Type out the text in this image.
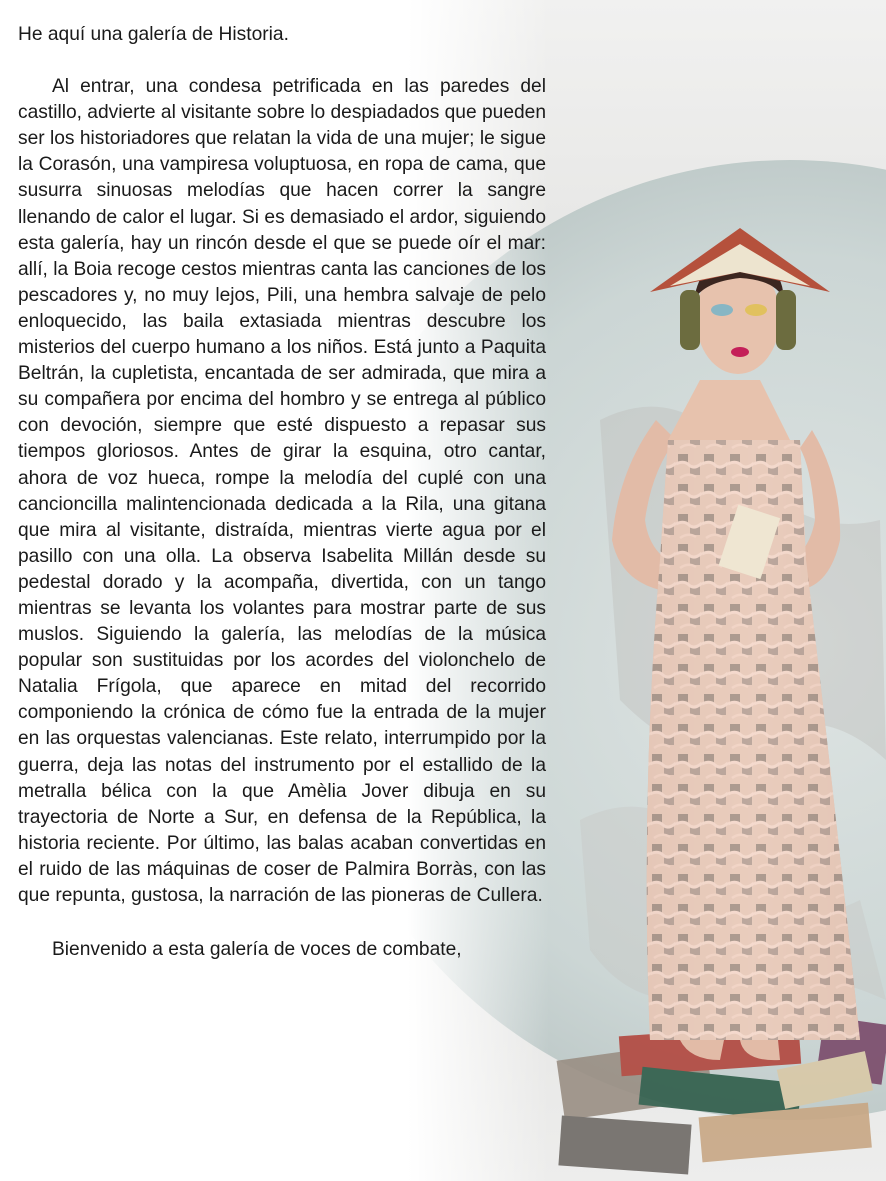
He aquí una galería de Historia.

Al entrar, una condesa petrificada en las paredes del castillo, advierte al visitante sobre lo despiadados que pueden ser los historiadores que relatan la vida de una mujer; le sigue la Corasón, una vampiresa voluptuosa, en ropa de cama, que susurra sinuosas melodías que hacen correr la sangre llenando de calor el lugar. Si es demasiado el ardor, siguiendo esta galería, hay un rincón desde el que se puede oír el mar: allí, la Boia recoge cestos mientras canta las canciones de los pescadores y, no muy lejos, Pili, una hembra salvaje de pelo enloquecido, las baila extasiada mientras descubre los misterios del cuerpo humano a los niños. Está junto a Paquita Beltrán, la cupletista, encantada de ser admirada, que mira a su compañera por encima del hombro y se entrega al público con devoción, siempre que esté dispuesto a repasar sus tiempos gloriosos. Antes de girar la esquina, otro cantar, ahora de voz hueca, rompe la melodía del cuplé con una cancioncilla malintencionada dedicada a la Rila, una gitana que mira al visitante, distraída, mientras vierte agua por el pasillo con una olla. La observa Isabelita Millán desde su pedestal dorado y la acompaña, divertida, con un tango mientras se levanta los volantes para mostrar parte de sus muslos. Siguiendo la galería, las melodías de la música popular son sustituidas por los acordes del violonchelo de Natalia Frígola, que aparece en mitad del recorrido componiendo la crónica de cómo fue la entrada de la mujer en las orquestas valencianas. Este relato, interrumpido por la guerra, deja las notas del instrumento por el estallido de la metralla bélica con la que Amèlia Jover dibuja en su trayectoria de Norte a Sur, en defensa de la República, la historia reciente. Por último, las balas acaban convertidas en el ruido de las máquinas de coser de Palmira Borràs, con las que repunta, gustosa, la narración de las pioneras de Cullera.

Bienvenido a esta galería de voces de combate,
